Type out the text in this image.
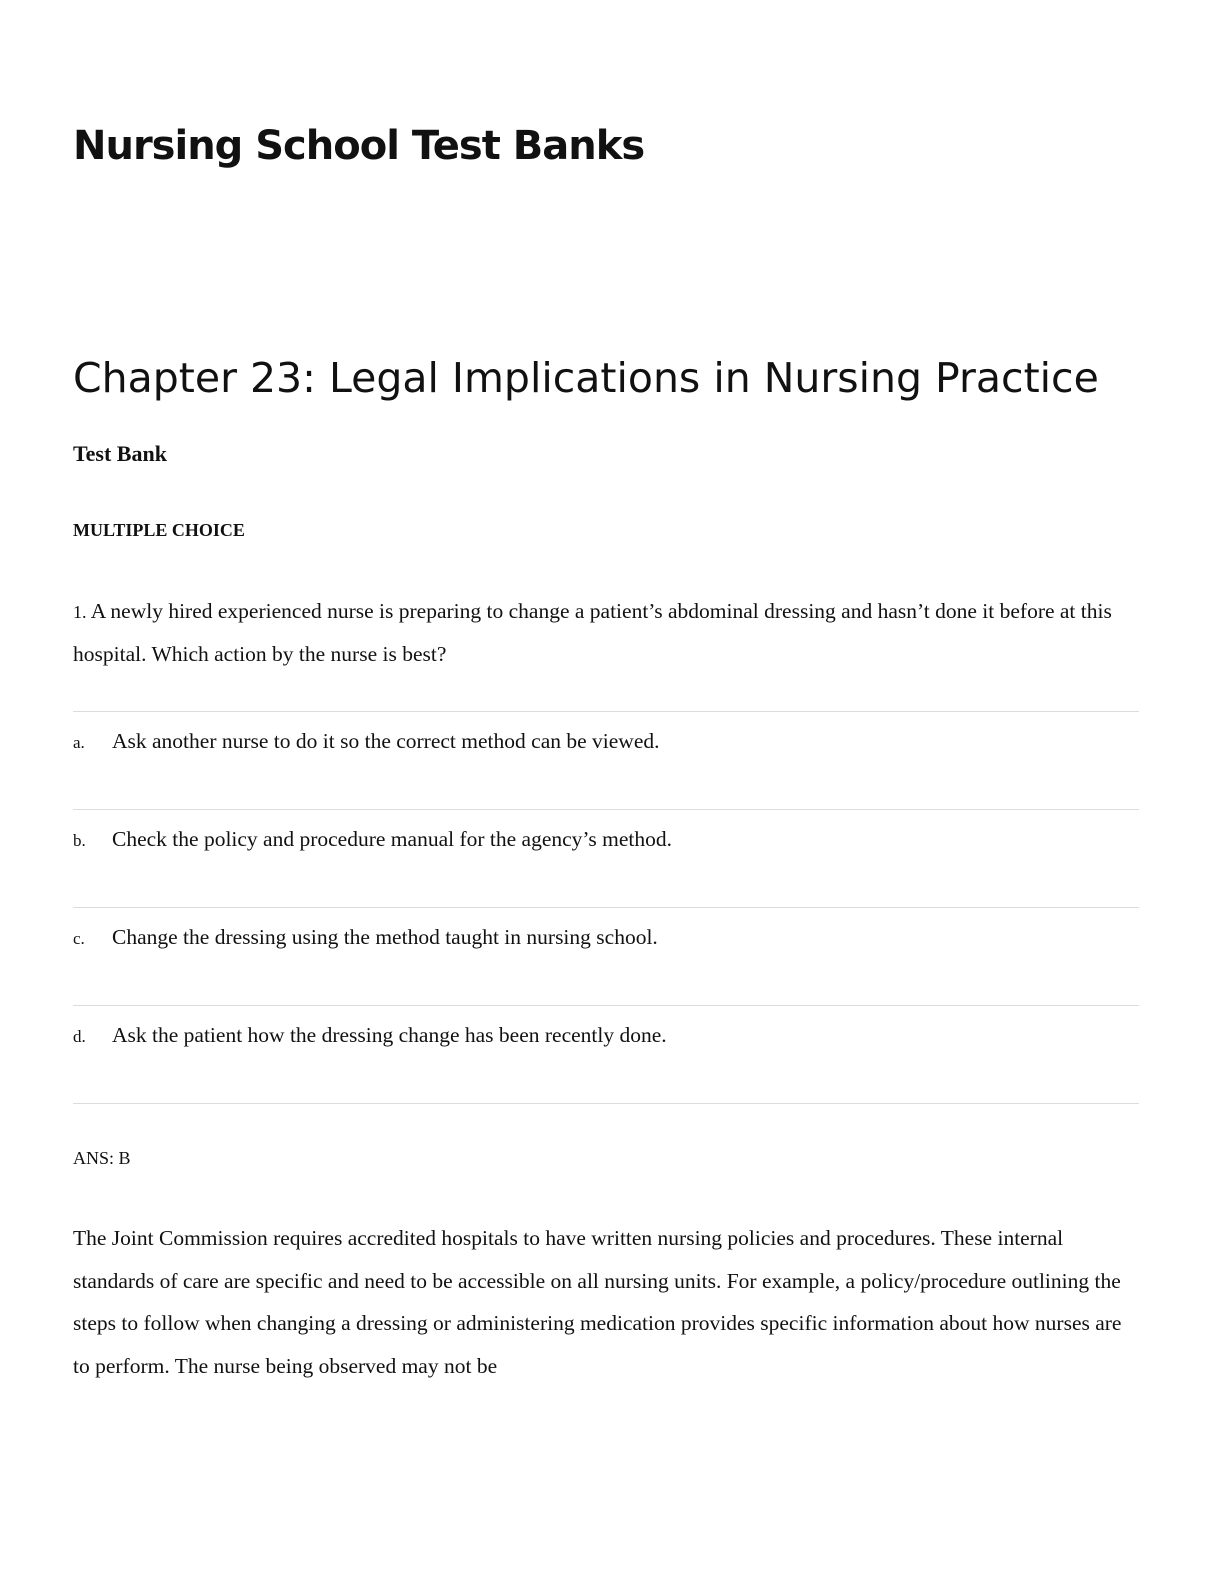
Nursing School Test Banks
Chapter 23: Legal Implications in Nursing Practice
Test Bank
MULTIPLE CHOICE
1. A newly hired experienced nurse is preparing to change a patient’s abdominal dressing and hasn’t done it before at this hospital. Which action by the nurse is best?
a. Ask another nurse to do it so the correct method can be viewed.
b. Check the policy and procedure manual for the agency’s method.
c. Change the dressing using the method taught in nursing school.
d. Ask the patient how the dressing change has been recently done.
ANS: B

The Joint Commission requires accredited hospitals to have written nursing policies and procedures. These internal standards of care are specific and need to be accessible on all nursing units. For example, a policy/procedure outlining the steps to follow when changing a dressing or administering medication provides specific information about how nurses are to perform. The nurse being observed may not be
